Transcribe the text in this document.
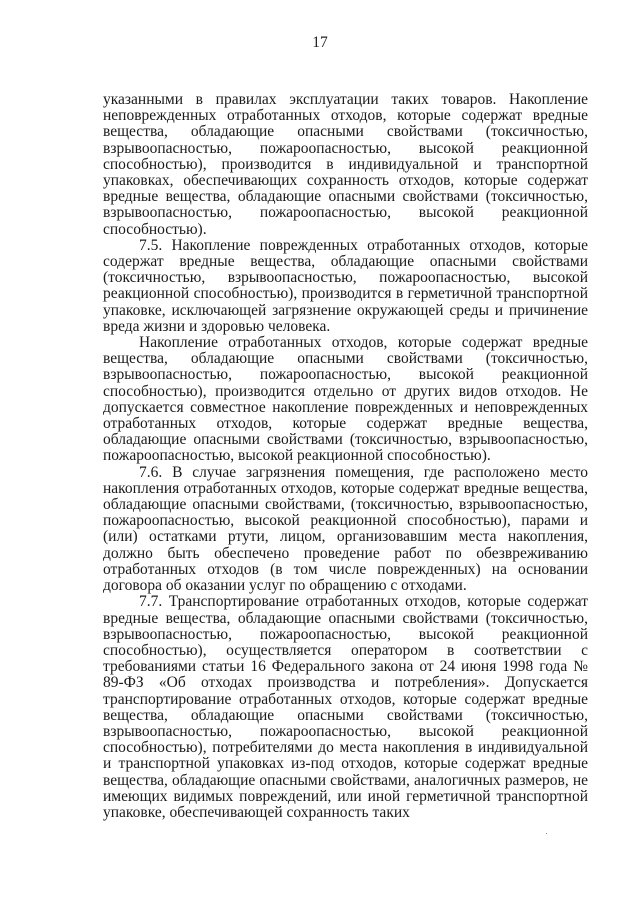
17

указанными в правилах эксплуатации таких товаров. Накопление неповрежденных отработанных отходов, которые содержат вредные вещества, обладающие опасными свойствами (токсичностью, взрывоопасностью, пожароопасностью, высокой реакционной способностью), производится в индивидуальной и транспортной упаковках, обеспечивающих сохранность отходов, которые содержат вредные вещества, обладающие опасными свойствами (токсичностью, взрывоопасностью, пожароопасностью, высокой реакционной способностью).

7.5. Накопление поврежденных отработанных отходов, которые содержат вредные вещества, обладающие опасными свойствами (токсичностью, взрывоопасностью, пожароопасностью, высокой реакционной способностью), производится в герметичной транспортной упаковке, исключающей загрязнение окружающей среды и причинение вреда жизни и здоровью человека.

Накопление отработанных отходов, которые содержат вредные вещества, обладающие опасными свойствами (токсичностью, взрывоопасностью, пожароопасностью, высокой реакционной способностью), производится отдельно от других видов отходов. Не допускается совместное накопление поврежденных и неповрежденных отработанных отходов, которые содержат вредные вещества, обладающие опасными свойствами (токсичностью, взрывоопасностью, пожароопасностью, высокой реакционной способностью).

7.6. В случае загрязнения помещения, где расположено место накопления отработанных отходов, которые содержат вредные вещества, обладающие опасными свойствами, (токсичностью, взрывоопасностью, пожароопасностью, высокой реакционной способностью), парами и (или) остатками ртути, лицом, организовавшим места накопления, должно быть обеспечено проведение работ по обезвреживанию отработанных отходов (в том числе поврежденных) на основании договора об оказании услуг по обращению с отходами.

7.7. Транспортирование отработанных отходов, которые содержат вредные вещества, обладающие опасными свойствами (токсичностью, взрывоопасностью, пожароопасностью, высокой реакционной способностью), осуществляется оператором в соответствии с требованиями статьи 16 Федерального закона от 24 июня 1998 года № 89-ФЗ «Об отходах производства и потребления». Допускается транспортирование отработанных отходов, которые содержат вредные вещества, обладающие опасными свойствами (токсичностью, взрывоопасностью, пожароопасностью, высокой реакционной способностью), потребителями до места накопления в индивидуальной и транспортной упаковках из-под отходов, которые содержат вредные вещества, обладающие опасными свойствами, аналогичных размеров, не имеющих видимых повреждений, или иной герметичной транспортной упаковке, обеспечивающей сохранность таких
